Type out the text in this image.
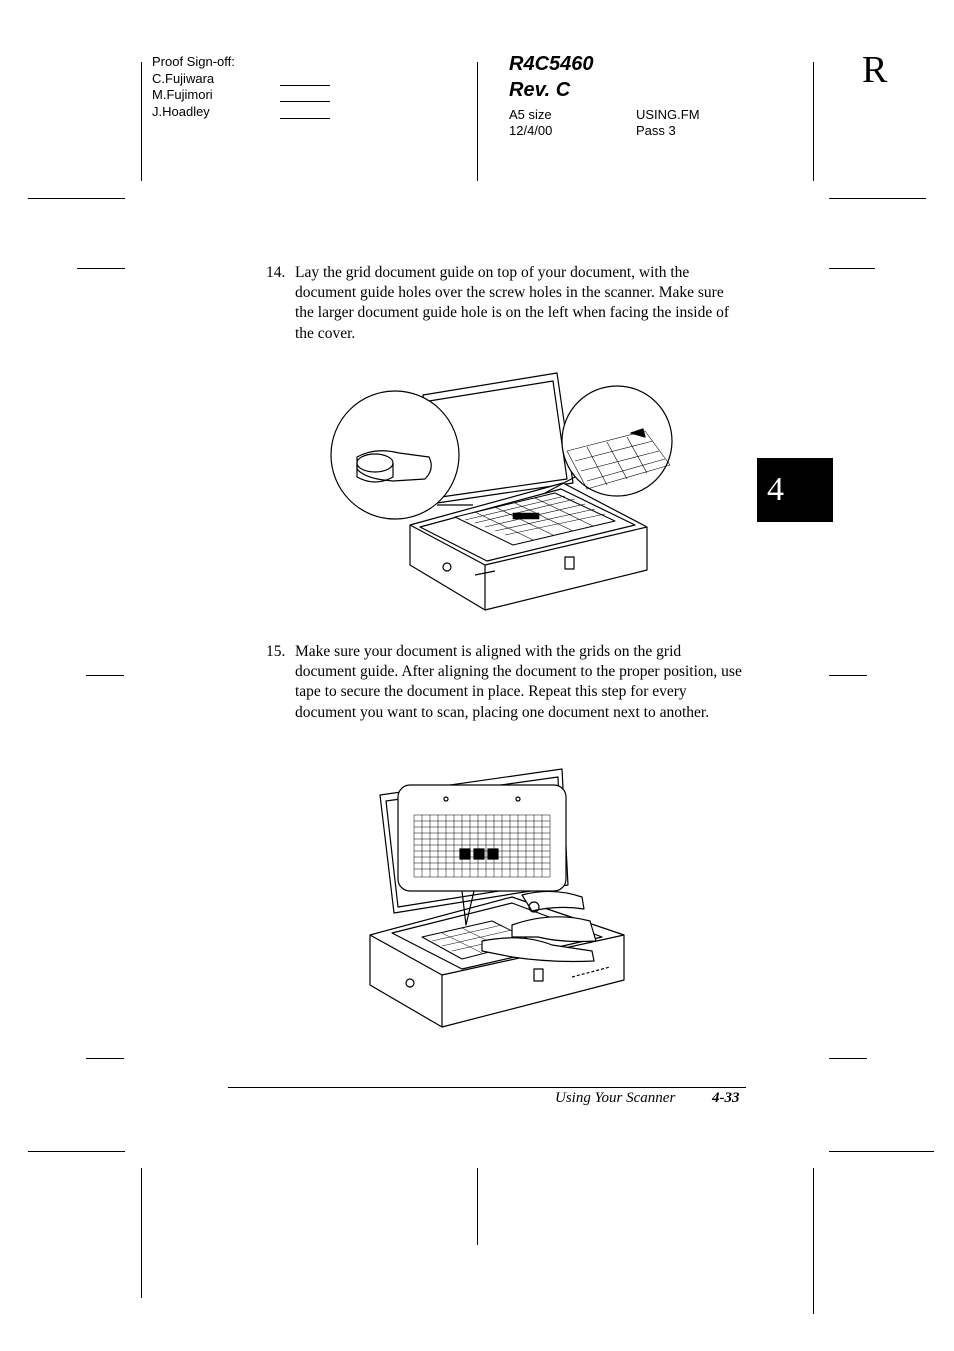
Proof Sign-off:
C.Fujiwara
M.Fujimori
J.Hoadley
R4C5460
Rev. C
A5 size
12/4/00
USING.FM
Pass 3
R
4
14. Lay the grid document guide on top of your document, with the document guide holes over the screw holes in the scanner. Make sure the larger document guide hole is on the left when facing the inside of the cover.
15. Make sure your document is aligned with the grids on the grid document guide. After aligning the document to the proper position, use tape to secure the document in place. Repeat this step for every document you want to scan, placing one document next to another.
Using Your Scanner 4-33
